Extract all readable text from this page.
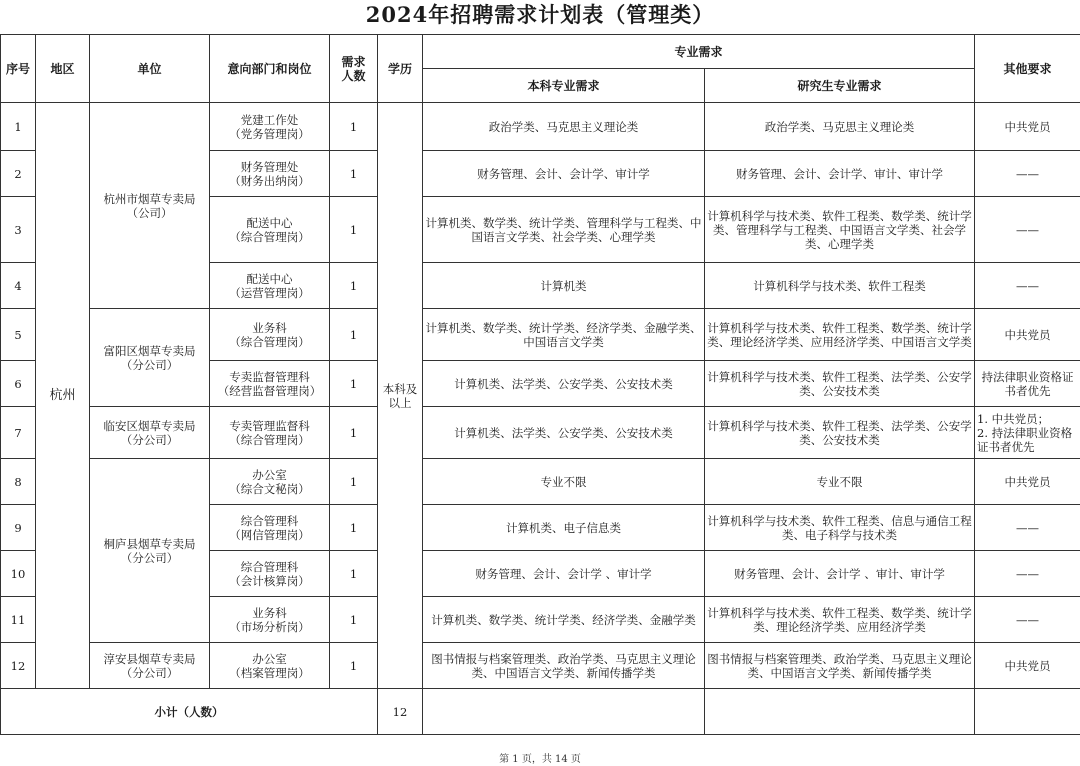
2024年招聘需求计划表（管理类）
序号	地区	单位	意向部门和岗位	需求
人数	学历	专业需求		其他要求
						本科专业需求	研究生专业需求	
1	杭州	杭州市烟草专卖局
（公司）	党建工作处
（党务管理岗）	1	本科及
以上	政治学类、马克思主义理论类	政治学类、马克思主义理论类	中共党员
2			财务管理处
（财务出纳岗）	1		财务管理、会计、会计学、审计学	财务管理、会计、会计学、审计、审计学	——
3			配送中心
（综合管理岗）	1		计算机类、数学类、统计学类、管理科学与工程类、中国语言文学类、社会学类、心理学类	计算机科学与技术类、软件工程类、数学类、统计学类、管理科学与工程类、中国语言文学类、社会学类、心理学类	——
4			配送中心
（运营管理岗）	1		计算机类	计算机科学与技术类、软件工程类	——
5		富阳区烟草专卖局
（分公司）	业务科
（综合管理岗）	1		计算机类、数学类、统计学类、经济学类、金融学类、中国语言文学类	计算机科学与技术类、软件工程类、数学类、统计学类、理论经济学类、应用经济学类、中国语言文学类	中共党员
6			专卖监督管理科
（经营监督管理岗）	1		计算机类、法学类、公安学类、公安技术类	计算机科学与技术类、软件工程类、法学类、公安学类、公安技术类	持法律职业资格证书者优先
7		临安区烟草专卖局
（分公司）	专卖管理监督科
（综合管理岗）	1		计算机类、法学类、公安学类、公安技术类	计算机科学与技术类、软件工程类、法学类、公安学类、公安技术类	1. 中共党员；
2. 持法律职业资格证书者优先
8		桐庐县烟草专卖局
（分公司）	办公室
（综合文秘岗）	1		专业不限	专业不限	中共党员
9			综合管理科
（网信管理岗）	1		计算机类、电子信息类	计算机科学与技术类、软件工程类、信息与通信工程类、电子科学与技术类	——
10			综合管理科
（会计核算岗）	1		财务管理、会计、会计学 、审计学	财务管理、会计、会计学 、审计、审计学	——
11			业务科
（市场分析岗）	1		计算机类、数学类、统计学类、经济学类、金融学类	计算机科学与技术类、软件工程类、数学类、统计学类、理论经济学类、应用经济学类	——
12		淳安县烟草专卖局
（分公司）	办公室
（档案管理岗）	1		图书情报与档案管理类、政治学类、马克思主义理论类、中国语言文学类、新闻传播学类	图书情报与档案管理类、政治学类、马克思主义理论类、中国语言文学类、新闻传播学类	中共党员
小计（人数）					12			
第 1 页，共 14 页
